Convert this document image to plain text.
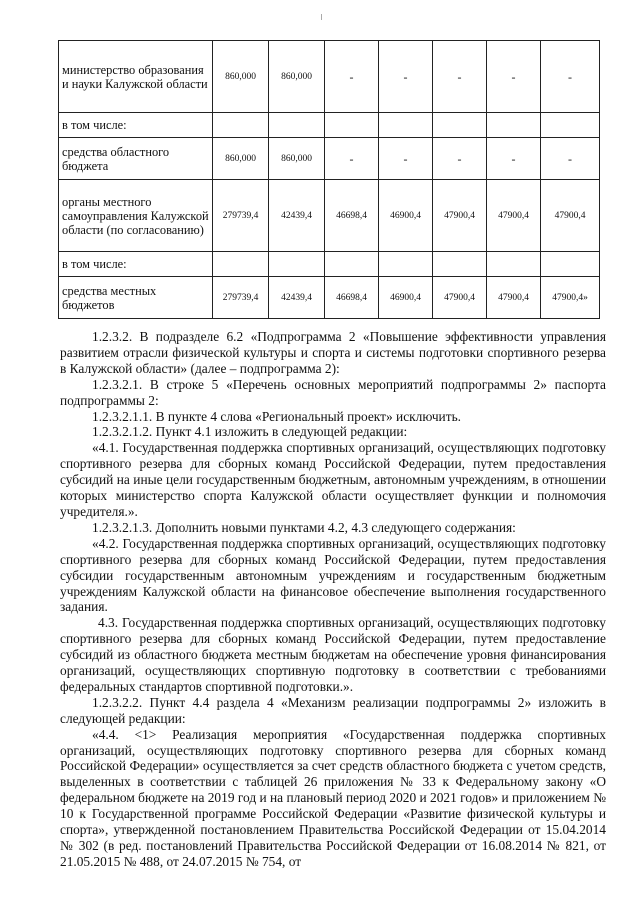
министерство образования и науки Калужской области	860,000	860,000	-	-	-	-	-
в том числе:							
средства областного бюджета	860,000	860,000	-	-	-	-	-
органы местного самоуправления Калужской области (по согласованию)	279739,4	42439,4	46698,4	46900,4	47900,4	47900,4	47900,4
в том числе:							
средства местных бюджетов	279739,4	42439,4	46698,4	46900,4	47900,4	47900,4	47900,4»

1.2.3.2. В подразделе 6.2 «Подпрограмма 2 «Повышение эффективности управления развитием отрасли физической культуры и спорта и системы подготовки спортивного резерва в Калужской области» (далее – подпрограмма 2):

1.2.3.2.1. В строке 5 «Перечень основных мероприятий подпрограммы 2» паспорта подпрограммы 2:

1.2.3.2.1.1. В пункте 4 слова «Региональный проект» исключить.

1.2.3.2.1.2. Пункт 4.1 изложить в следующей редакции:

«4.1. Государственная поддержка спортивных организаций, осуществляющих подготовку спортивного резерва для сборных команд Российской Федерации, путем предоставления субсидий на иные цели государственным бюджетным, автономным учреждениям, в отношении которых министерство спорта Калужской области осуществляет функции и полномочия учредителя.».

1.2.3.2.1.3. Дополнить новыми пунктами 4.2, 4.3 следующего содержания:

«4.2. Государственная поддержка спортивных организаций, осуществляющих подготовку спортивного резерва для сборных команд Российской Федерации, путем предоставления субсидии государственным автономным учреждениям и государственным бюджетным учреждениям Калужской области на финансовое обеспечение выполнения государственного задания.

4.3. Государственная поддержка спортивных организаций, осуществляющих подготовку спортивного резерва для сборных команд Российской Федерации, путем предоставление субсидий из областного бюджета местным бюджетам на обеспечение уровня финансирования организаций, осуществляющих спортивную подготовку в соответствии с требованиями федеральных стандартов спортивной подготовки.».

1.2.3.2.2. Пункт 4.4 раздела 4 «Механизм реализации подпрограммы 2» изложить в следующей редакции:

«4.4. <1> Реализация мероприятия «Государственная поддержка спортивных организаций, осуществляющих подготовку спортивного резерва для сборных команд Российской Федерации» осуществляется за счет средств областного бюджета с учетом средств, выделенных в соответствии с таблицей 26 приложения № 33 к Федеральному закону «О федеральном бюджете на 2019 год и на плановый период 2020 и 2021 годов» и приложением № 10 к Государственной программе Российской Федерации «Развитие физической культуры и спорта», утвержденной постановлением Правительства Российской Федерации от 15.04.2014 № 302 (в ред. постановлений Правительства Российской Федерации от 16.08.2014 № 821, от 21.05.2015 № 488, от 24.07.2015 № 754, от
